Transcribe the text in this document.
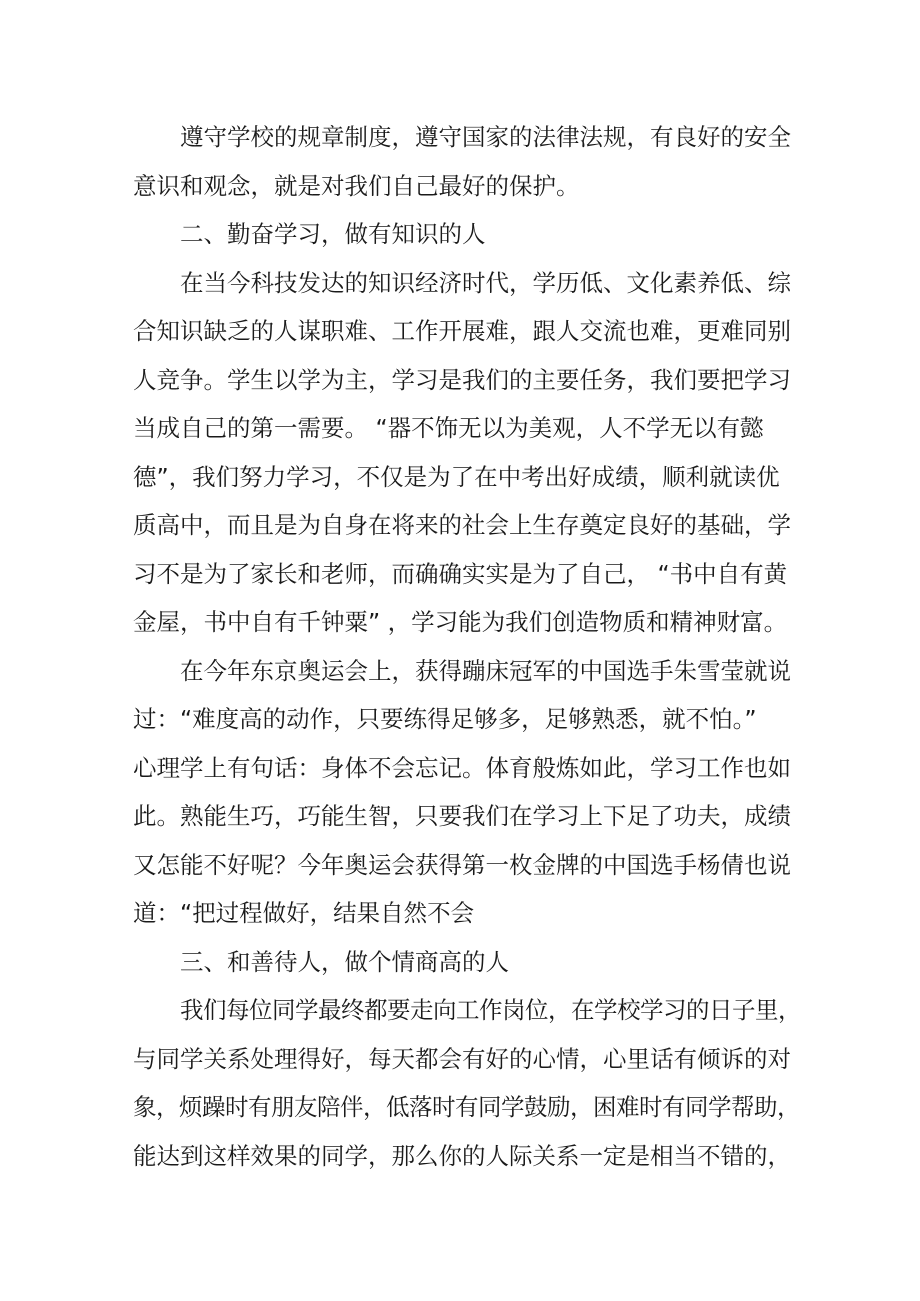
遵守学校的规章制度，遵守国家的法律法规，有良好的安全
意识和观念，就是对我们自己最好的保护。
二、勤奋学习，做有知识的人
在当今科技发达的知识经济时代，学历低、文化素养低、综
合知识缺乏的人谋职难、工作开展难，跟人交流也难，更难同别
人竞争。学生以学为主，学习是我们的主要任务，我们要把学习
当成自己的第一需要。 “器不饰无以为美观，人不学无以有懿
德”，我们努力学习，不仅是为了在中考出好成绩，顺利就读优
质高中，而且是为自身在将来的社会上生存奠定良好的基础，学
习不是为了家长和老师，而确确实实是为了自己， “书中自有黄
金屋，书中自有千钟粟” ，学习能为我们创造物质和精神财富。
在今年东京奥运会上，获得蹦床冠军的中国选手朱雪莹就说
过：“难度高的动作，只要练得足够多，足够熟悉，就不怕。”
心理学上有句话：身体不会忘记。体育般炼如此，学习工作也如
此。熟能生巧，巧能生智，只要我们在学习上下足了功夫，成绩
又怎能不好呢？今年奥运会获得第一枚金牌的中国选手杨倩也说
道：“把过程做好，结果自然不会
三、和善待人，做个情商高的人
我们每位同学最终都要走向工作岗位，在学校学习的日子里，
与同学关系处理得好，每天都会有好的心情，心里话有倾诉的对
象，烦躁时有朋友陪伴，低落时有同学鼓励，困难时有同学帮助，
能达到这样效果的同学，那么你的人际关系一定是相当不错的，
